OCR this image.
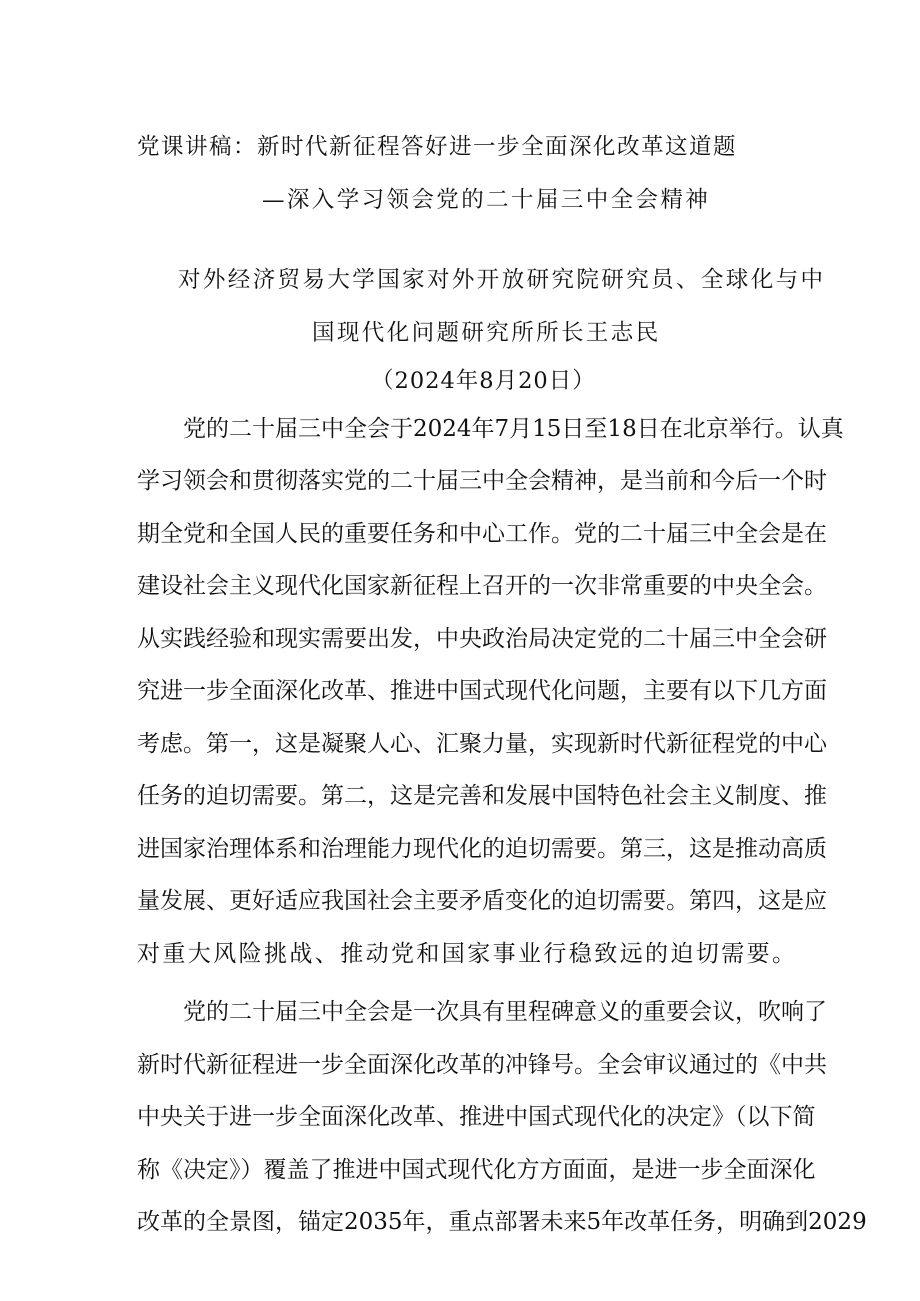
党课讲稿：新时代新征程答好进一步全面深化改革这道题
—深入学习领会党的二十届三中全会精神
对外经济贸易大学国家对外开放研究院研究员、全球化与中
国现代化问题研究所所长王志民
（2024年8月20日）
党的二十届三中全会于2024年7月15日至18日在北京举行。认真
学习领会和贯彻落实党的二十届三中全会精神，是当前和今后一个时
期全党和全国人民的重要任务和中心工作。党的二十届三中全会是在
建设社会主义现代化国家新征程上召开的一次非常重要的中央全会。
从实践经验和现实需要出发，中央政治局决定党的二十届三中全会研
究进一步全面深化改革、推进中国式现代化问题，主要有以下几方面
考虑。第一，这是凝聚人心、汇聚力量，实现新时代新征程党的中心
任务的迫切需要。第二，这是完善和发展中国特色社会主义制度、推
进国家治理体系和治理能力现代化的迫切需要。第三，这是推动高质
量发展、更好适应我国社会主要矛盾变化的迫切需要。第四，这是应
对重大风险挑战、推动党和国家事业行稳致远的迫切需要。
党的二十届三中全会是一次具有里程碑意义的重要会议，吹响了
新时代新征程进一步全面深化改革的冲锋号。全会审议通过的《中共
中央关于进一步全面深化改革、推进中国式现代化的决定》（以下简
称《决定》）覆盖了推进中国式现代化方方面面，是进一步全面深化
改革的全景图，锚定2035年，重点部署未来5年改革任务，明确到2029
